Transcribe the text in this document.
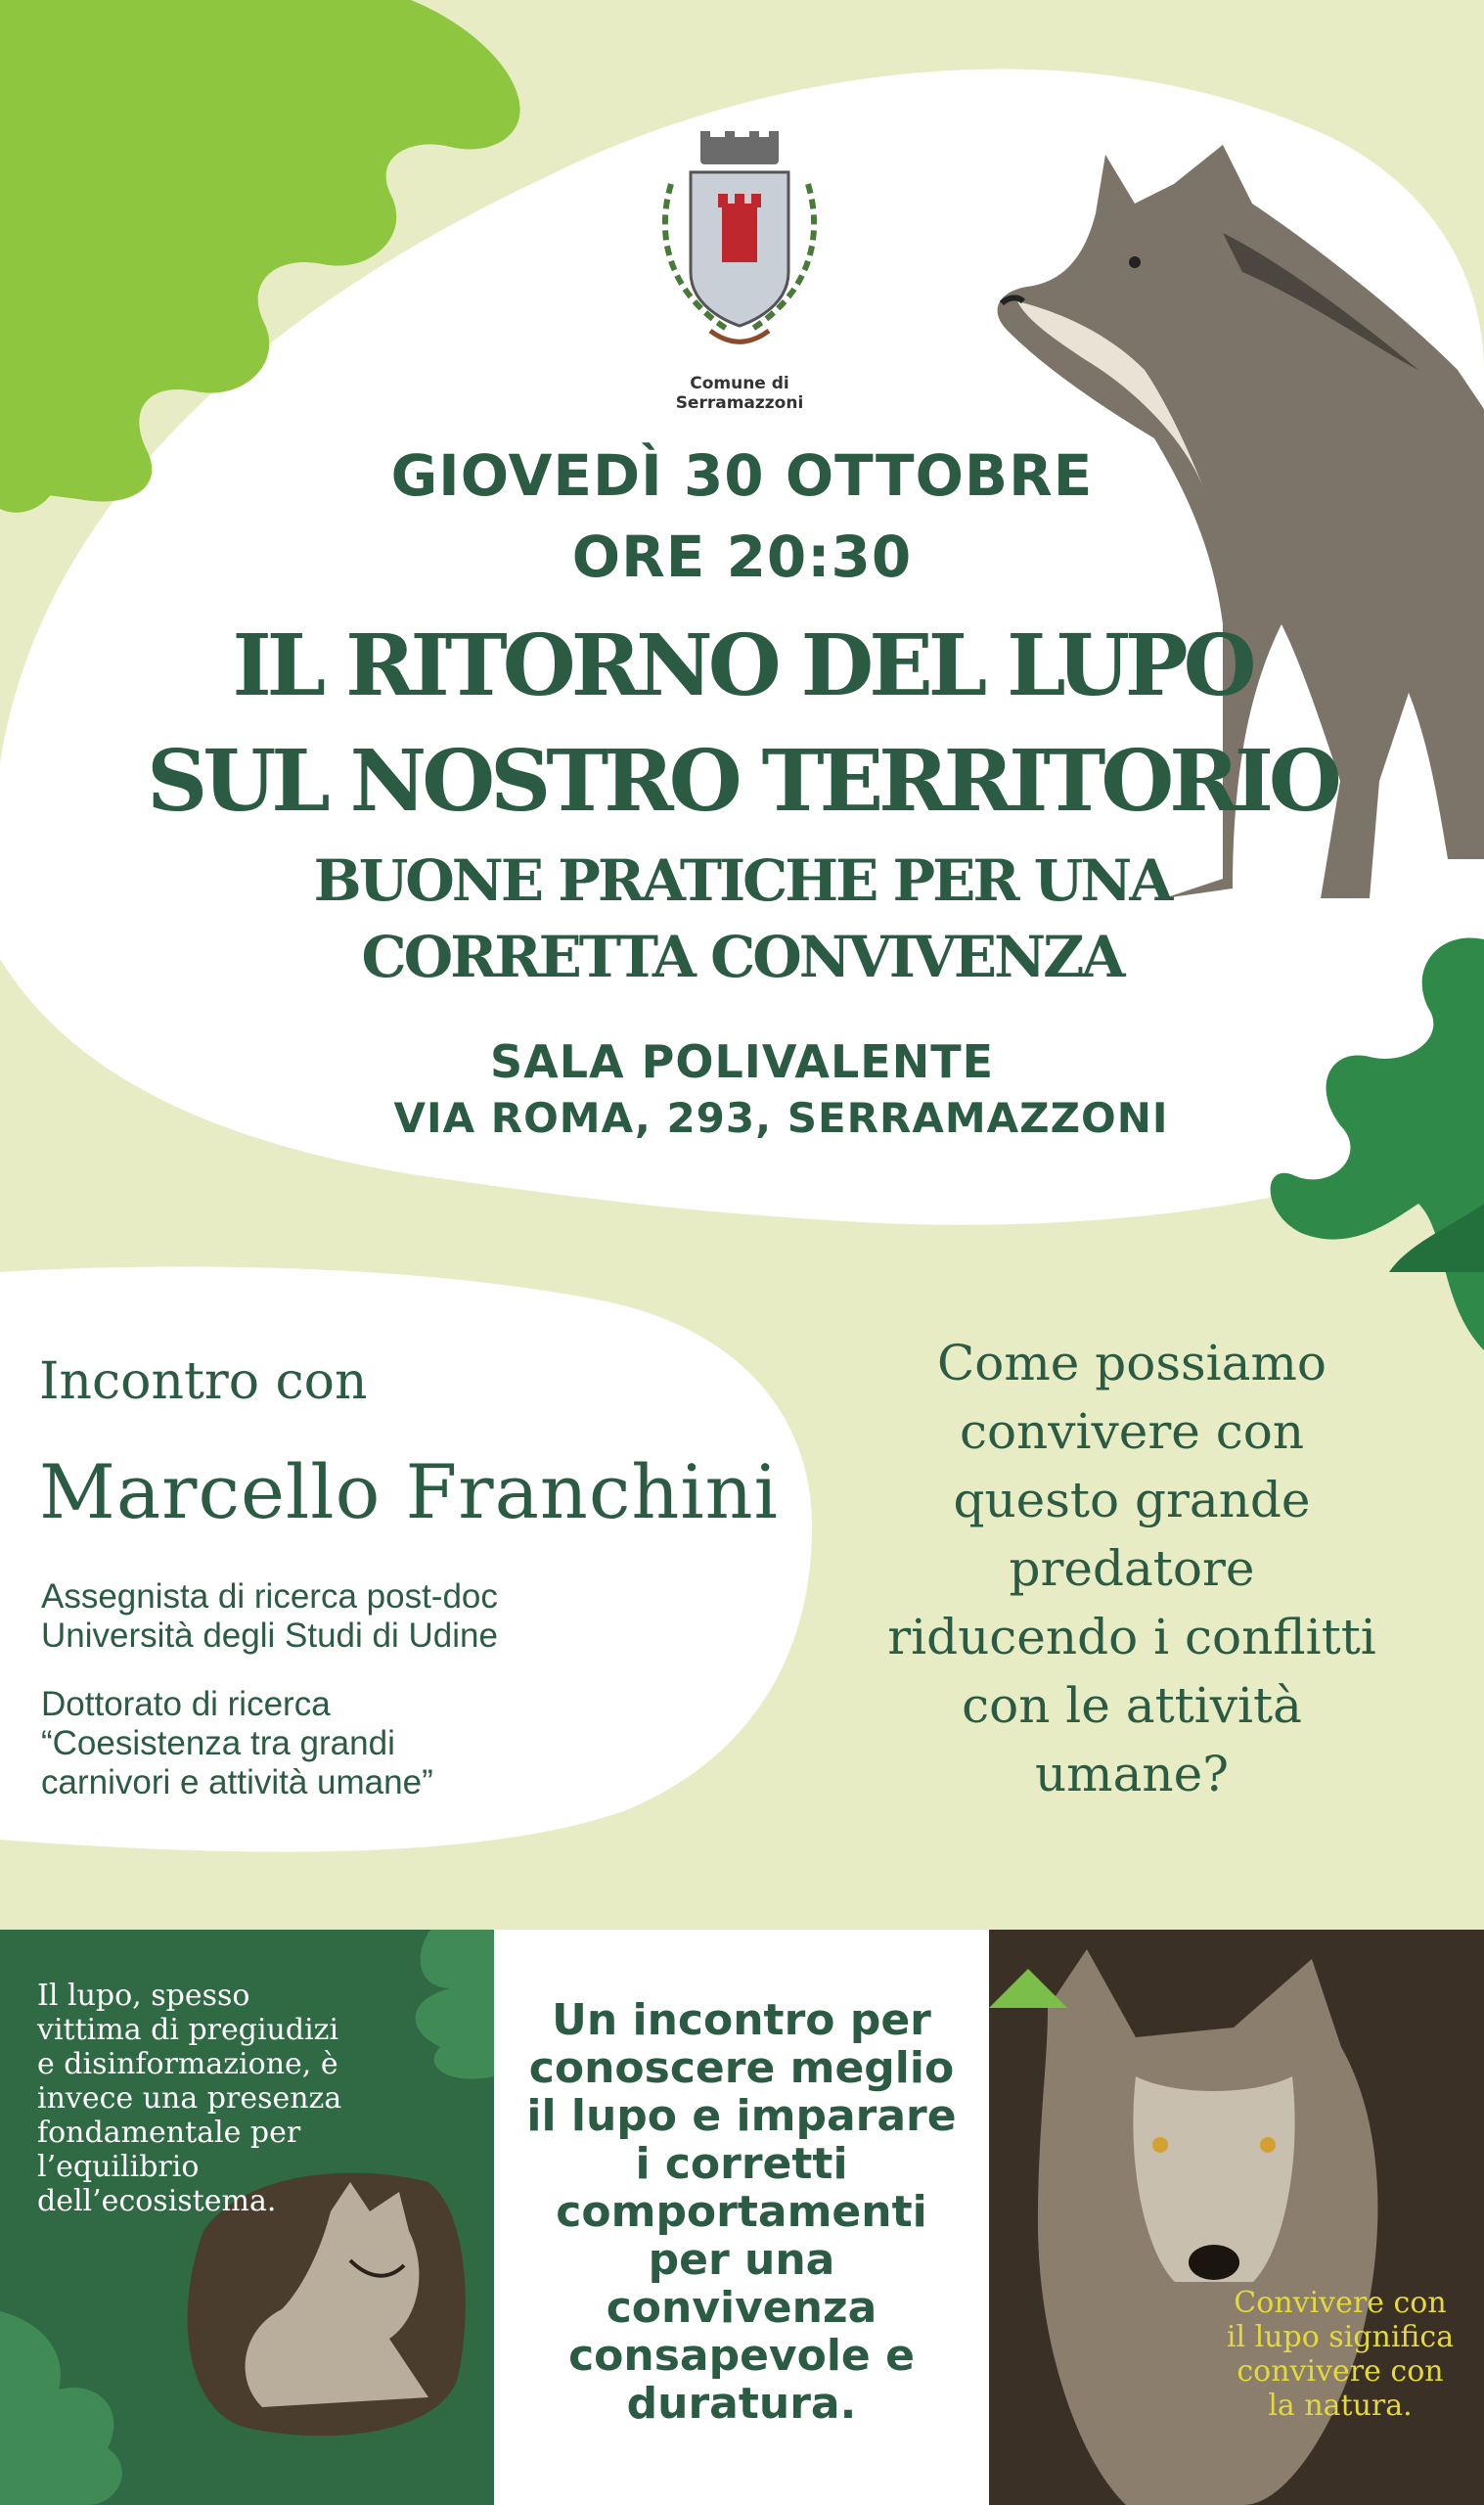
Comune di
Serramazzoni
GIOVEDÌ 30 OTTOBRE
ORE 20:30
IL RITORNO DEL LUPO
SUL NOSTRO TERRITORIO
BUONE PRATICHE PER UNA
CORRETTA CONVIVENZA
SALA POLIVALENTE
VIA ROMA, 293, SERRAMAZZONI
Incontro con
Marcello Franchini
Assegnista di ricerca post-doc
Università degli Studi di Udine
Dottorato di ricerca
“Coesistenza tra grandi
carnivori e attività umane”
Come possiamo
convivere con
questo grande
predatore
riducendo i conflitti
con le attività
umane?
Il lupo, spesso
vittima di pregiudizi
e disinformazione, è
invece una presenza
fondamentale per
l’equilibrio
dell’ecosistema.
Un incontro per
conoscere meglio
il lupo e imparare
i corretti
comportamenti
per una
convivenza
consapevole e
duratura.
Convivere con
il lupo significa
convivere con
la natura.
